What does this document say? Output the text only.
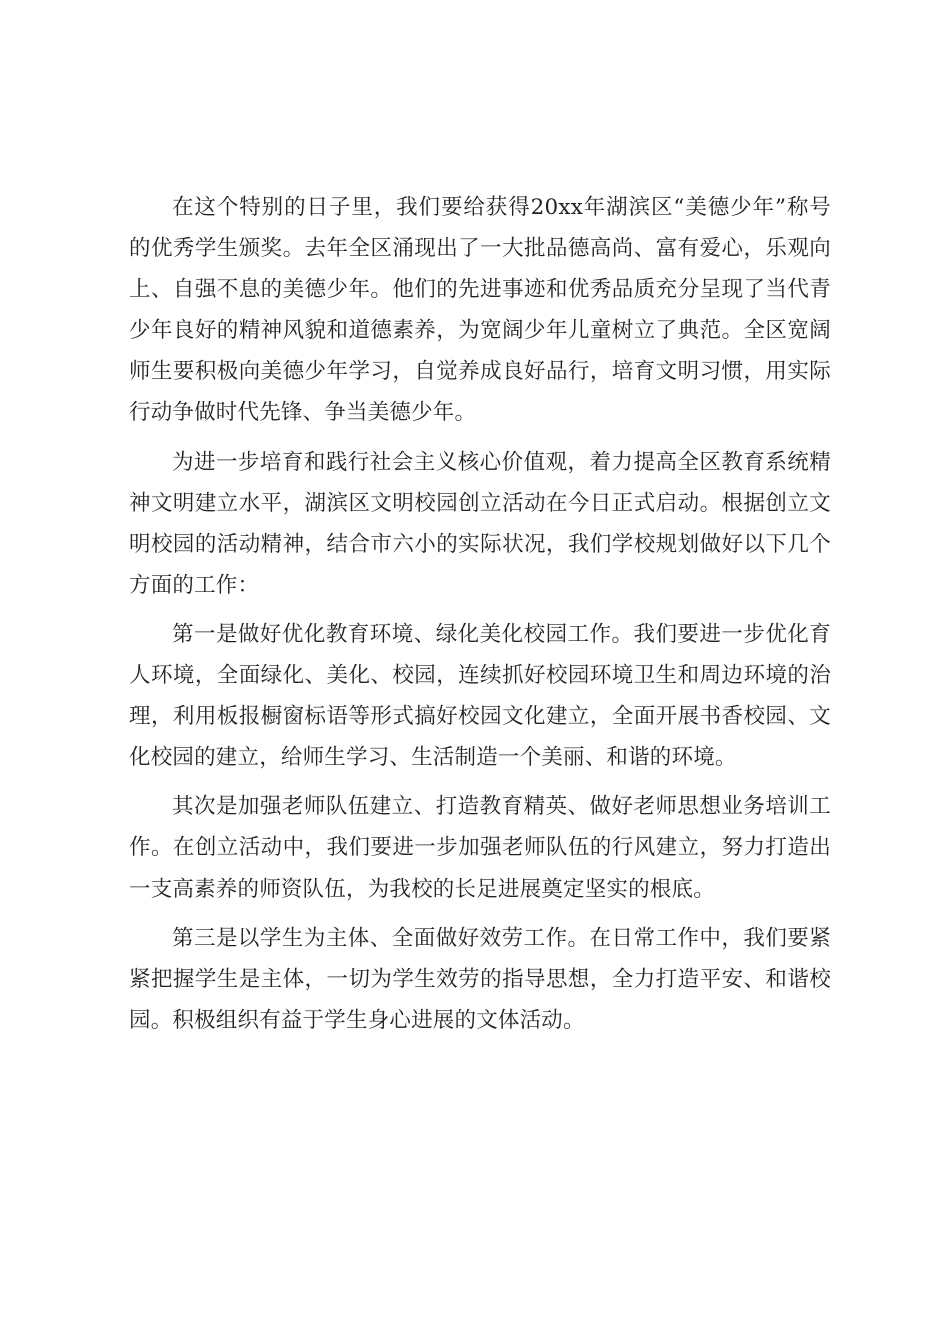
在这个特别的日子里，我们要给获得20xx年湖滨区“美德少年”称号的优秀学生颁奖。去年全区涌现出了一大批品德高尚、富有爱心，乐观向上、自强不息的美德少年。他们的先进事迹和优秀品质充分呈现了当代青少年良好的精神风貌和道德素养，为宽阔少年儿童树立了典范。全区宽阔师生要积极向美德少年学习，自觉养成良好品行，培育文明习惯，用实际行动争做时代先锋、争当美德少年。

为进一步培育和践行社会主义核心价值观，着力提高全区教育系统精神文明建立水平，湖滨区文明校园创立活动在今日正式启动。根据创立文明校园的活动精神，结合市六小的实际状况，我们学校规划做好以下几个方面的工作：

第一是做好优化教育环境、绿化美化校园工作。我们要进一步优化育人环境，全面绿化、美化、校园，连续抓好校园环境卫生和周边环境的治理，利用板报橱窗标语等形式搞好校园文化建立，全面开展书香校园、文化校园的建立，给师生学习、生活制造一个美丽、和谐的环境。

其次是加强老师队伍建立、打造教育精英、做好老师思想业务培训工作。在创立活动中，我们要进一步加强老师队伍的行风建立，努力打造出一支高素养的师资队伍，为我校的长足进展奠定坚实的根底。

第三是以学生为主体、全面做好效劳工作。在日常工作中，我们要紧紧把握学生是主体，一切为学生效劳的指导思想，全力打造平安、和谐校园。积极组织有益于学生身心进展的文体活动。
